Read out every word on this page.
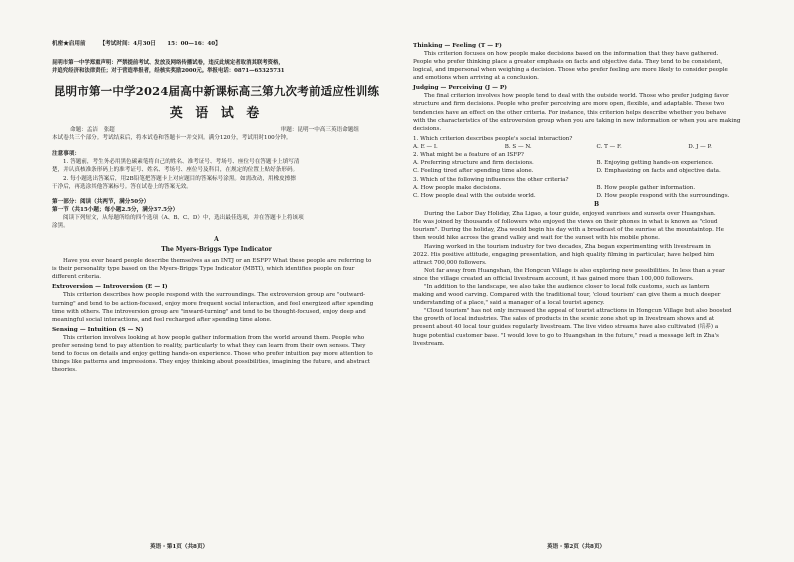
机密★启用前	【考试时间：4月30日　　15：00—16：40】

昆明市第一中学郑重声明：严禁提前考试、发放及网络传播试卷，违反此规定者取消其联考资格，

并追究经济和法律责任；对于营造举报者，经核实奖励2000元。举报电话：0871—65325731

昆明市第一中学2024届高中新课标高三第九次考前适应性训练

英 语 试 卷

命题：孟洁　张超	审题：昆明一中高三英语命题组

本试卷共三个部分。考试结束后，将本试卷和答题卡一并交回。满分120分，考试用时100分钟。

注意事项：

1. 答题前，考生务必用黑色碳素笔将自己的姓名、准考证号、考场号、座位号在答题卡上填写清

楚，并认真核准条形码上的准考证号、姓名、考场号、座位号及科目，在规定的位置上贴好条形码。

2. 每小题选出答案后，用2B铅笔把答题卡上对应题目的答案标号涂黑。如需改动，用橡皮擦擦

干净后，再选涂其他答案标号。答在试卷上的答案无效。

第一部分：阅读（共两节，满分50分）

第一节（共15小题；每小题2.5分，满分37.5分）

阅读下列短文，从每题所给的四个选项（A、B、C、D）中，选出最佳选项，并在答题卡上将该项

涂黑。

A

The Myers-Briggs Type Indicator

Have you ever heard people describe themselves as an INTJ or an ESFP? What these people are referring to

is their personality type based on the Myers-Briggs Type Indicator (MBTI), which identifies people on four

different criteria.

Extroversion — Introversion (E — I)

This criterion describes how people respond with the surroundings. The extroversion group are "outward-

turning" and tend to be action-focused, enjoy more frequent social interaction, and feel energized after spending

time with others. The introversion group are "inward-turning" and tend to be thought-focused, enjoy deep and

meaningful social interactions, and feel recharged after spending time alone.

Sensing — Intuition (S — N)

This criterion involves looking at how people gather information from the world around them. People who

prefer sensing tend to pay attention to reality, particularly to what they can learn from their own senses. They

tend to focus on details and enjoy getting hands-on experience. Those who prefer intuition pay more attention to

things like patterns and impressions. They enjoy thinking about possibilities, imagining the future, and abstract

theories.

英语・第1页（共8页）

Thinking — Feeling (T — F)

This criterion focuses on how people make decisions based on the information that they have gathered.

People who prefer thinking place a greater emphasis on facts and objective data. They tend to be consistent,

logical, and impersonal when weighing a decision. Those who prefer feeling are more likely to consider people

and emotions when arriving at a conclusion.

Judging — Perceiving (J — P)

The final criterion involves how people tend to deal with the outside world. Those who prefer judging favor

structure and firm decisions. People who prefer perceiving are more open, flexible, and adaptable. These two

tendencies have an effect on the other criteria. For instance, this criterion helps describe whether you behave

with the characteristics of the extroversion group when you are taking in new information or when you are making

decisions.

1. Which criterion describes people's social interaction?

A. E — I.	B. S — N.	C. T — F.	D. J — P.

2. What might be a feature of an ISFP?

A. Preferring structure and firm decisions.	B. Enjoying getting hands-on experience.
C. Feeling tired after spending time alone.	D. Emphasizing on facts and objective data.

3. Which of the following influences the other criteria?

A. How people make decisions.	B. How people gather information.
C. How people deal with the outside world.	D. How people respond with the surroundings.

B

During the Labor Day Holiday, Zha Ligao, a tour guide, enjoyed sunrises and sunsets over Huangshan.

He was joined by thousands of followers who enjoyed the views on their phones in what is known as "cloud

tourism". During the holiday, Zha would begin his day with a broadcast of the sunrise at the mountaintop. He

then would hike across the grand valley and wait for the sunset with his mobile phone.

Having worked in the tourism industry for two decades, Zha began experimenting with livestream in

2022. His positive attitude, engaging presentation, and high quality filming in particular, have helped him

attract 700,000 followers.

Not far away from Huangshan, the Hongcun Village is also exploring new possibilities. In less than a year

since the village created an official livestream account, it has gained more than 100,000 followers.

"In addition to the landscape, we also take the audience closer to local folk customs, such as lantern

making and wood carving. Compared with the traditional tour, 'cloud tourism' can give them a much deeper

understanding of a place," said a manager of a local tourist agency.

"Cloud tourism" has not only increased the appeal of tourist attractions in Hongcun Village but also boosted

the growth of local industries. The sales of products in the scenic zone shot up in livestream shows and at

present about 40 local tour guides regularly livestream. The live video streams have also cultivated (培养) a

huge potential customer base. "I would love to go to Huangshan in the future," read a message left in Zha's

livestream.

英语・第2页（共8页）
